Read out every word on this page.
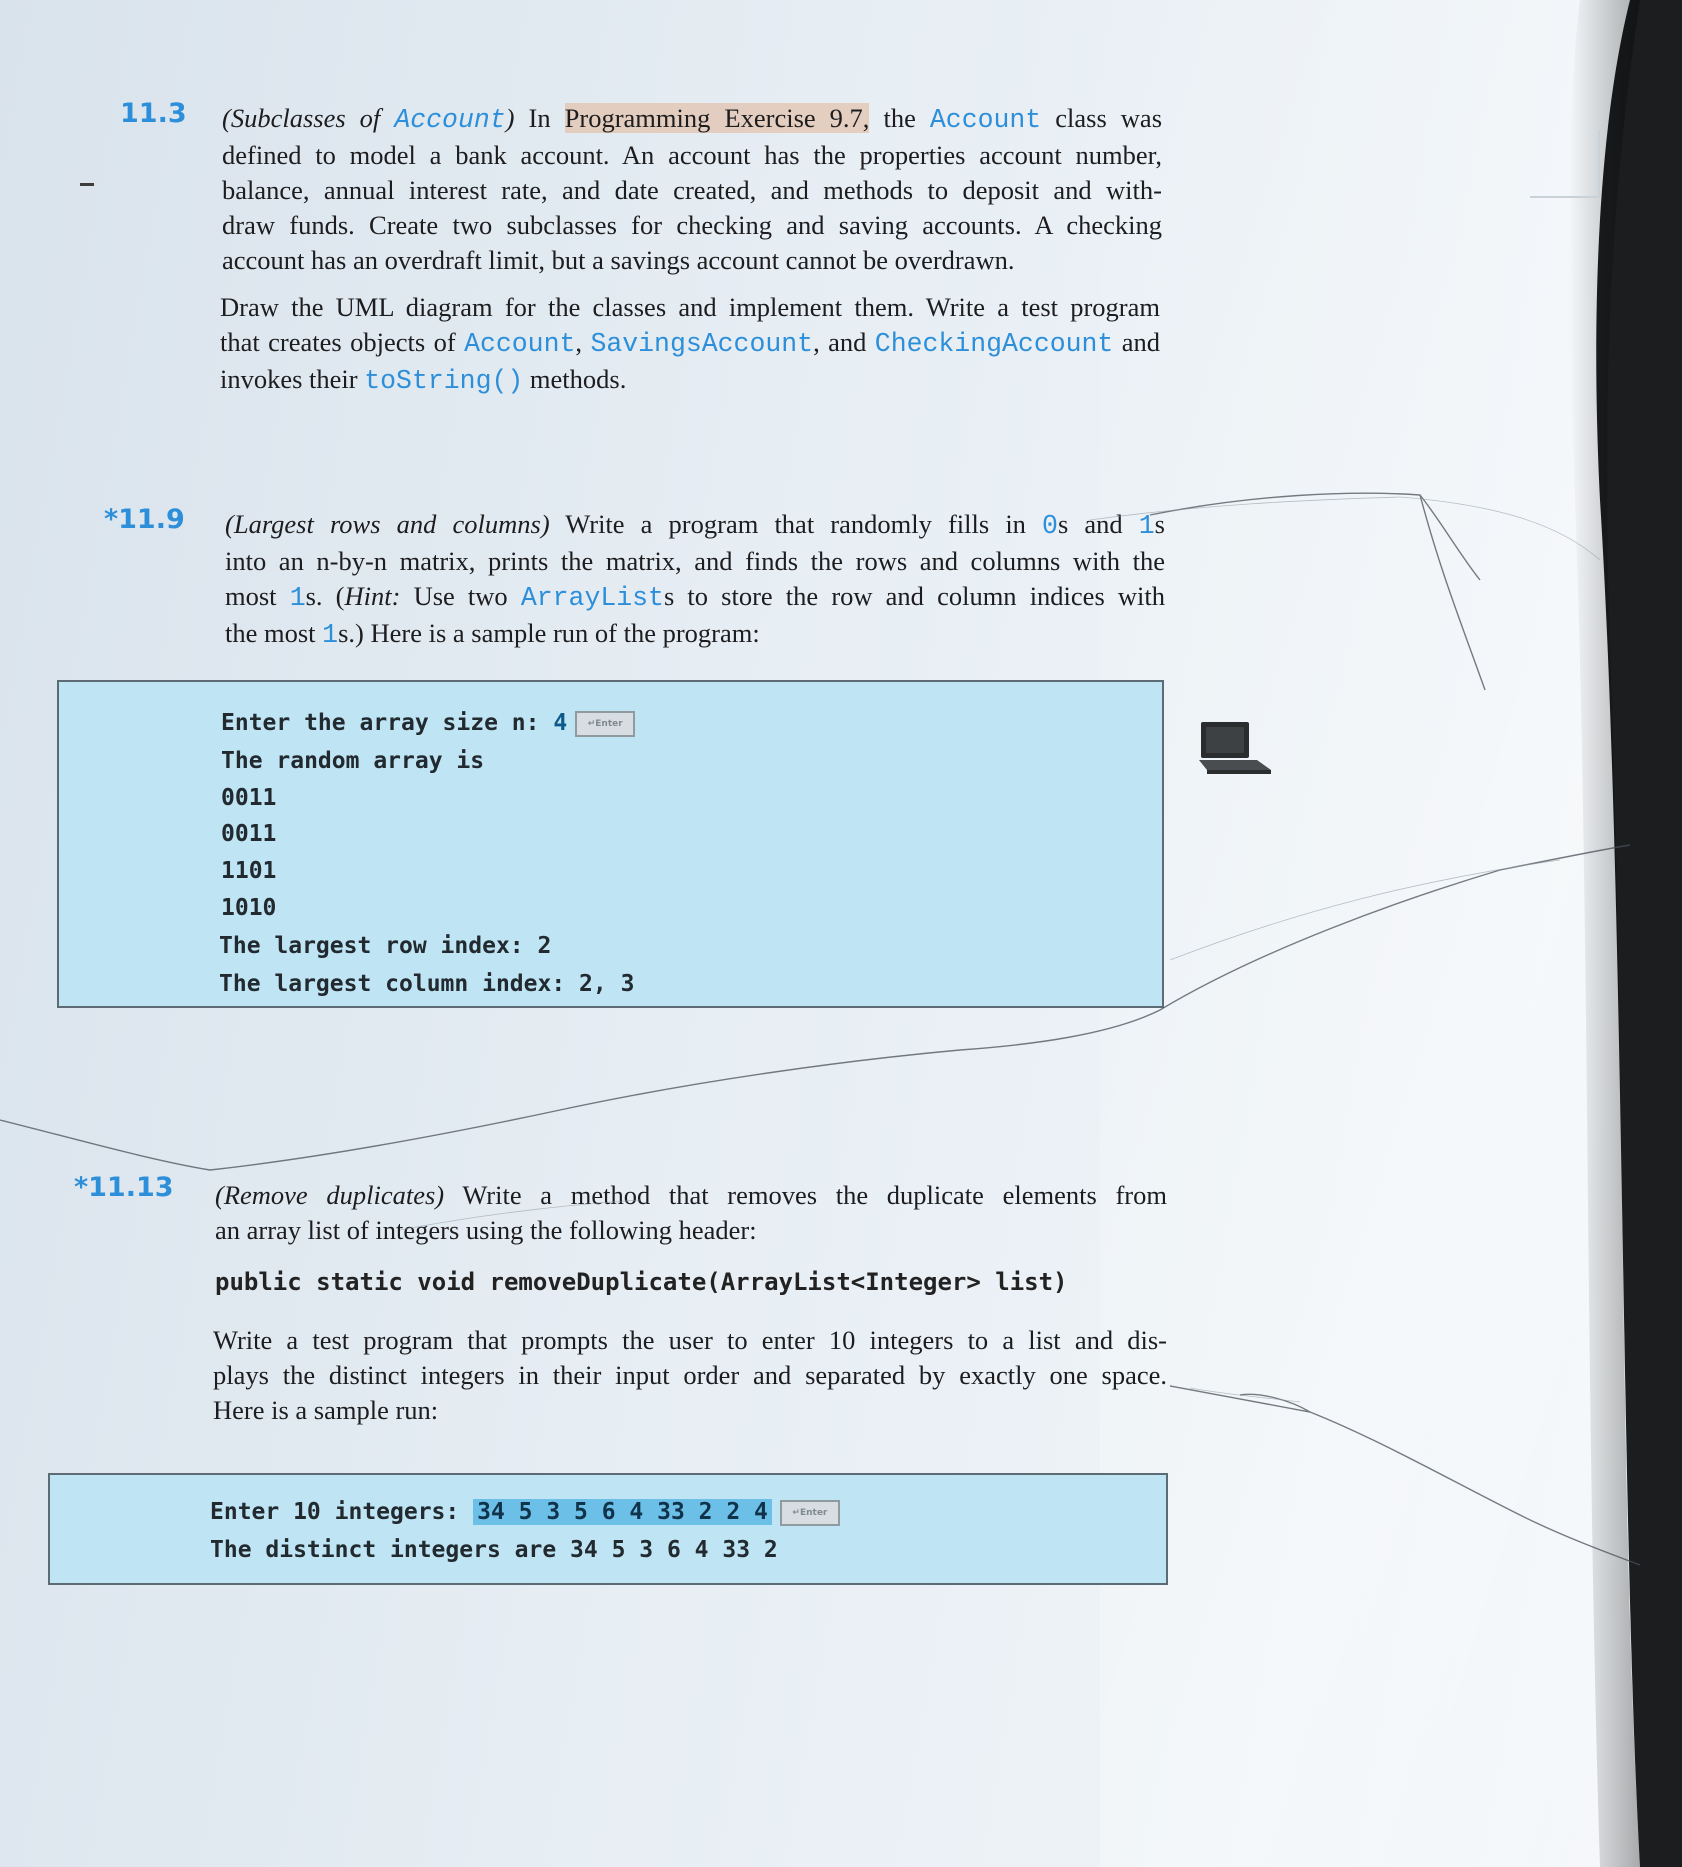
11.3 (Subclasses of Account) In Programming Exercise 9.7, the Account class was
defined to model a bank account. An account has the properties account number,
balance, annual interest rate, and date created, and methods to deposit and with-
draw funds. Create two subclasses for checking and saving accounts. A checking
account has an overdraft limit, but a savings account cannot be overdrawn.
Draw the UML diagram for the classes and implement them. Write a test program
that creates objects of Account, SavingsAccount, and CheckingAccount and
invokes their toString() methods.
*11.9 (Largest rows and columns) Write a program that randomly fills in 0s and 1s
into an n-by-n matrix, prints the matrix, and finds the rows and columns with the
most 1s. (Hint: Use two ArrayLists to store the row and column indices with
the most 1s.) Here is a sample run of the program:
Enter the array size n: 4 ↵Enter
The random array is
0011
0011
1101
1010
The largest row index: 2
The largest column index: 2, 3
*11.13 (Remove duplicates) Write a method that removes the duplicate elements from
an array list of integers using the following header:
public static void removeDuplicate(ArrayList<Integer> list)
Write a test program that prompts the user to enter 10 integers to a list and dis-
plays the distinct integers in their input order and separated by exactly one space.
Here is a sample run:
Enter 10 integers: 34 5 3 5 6 4 33 2 2 4	↵Enter
The distinct integers are 34 5 3 6 4 33 2
